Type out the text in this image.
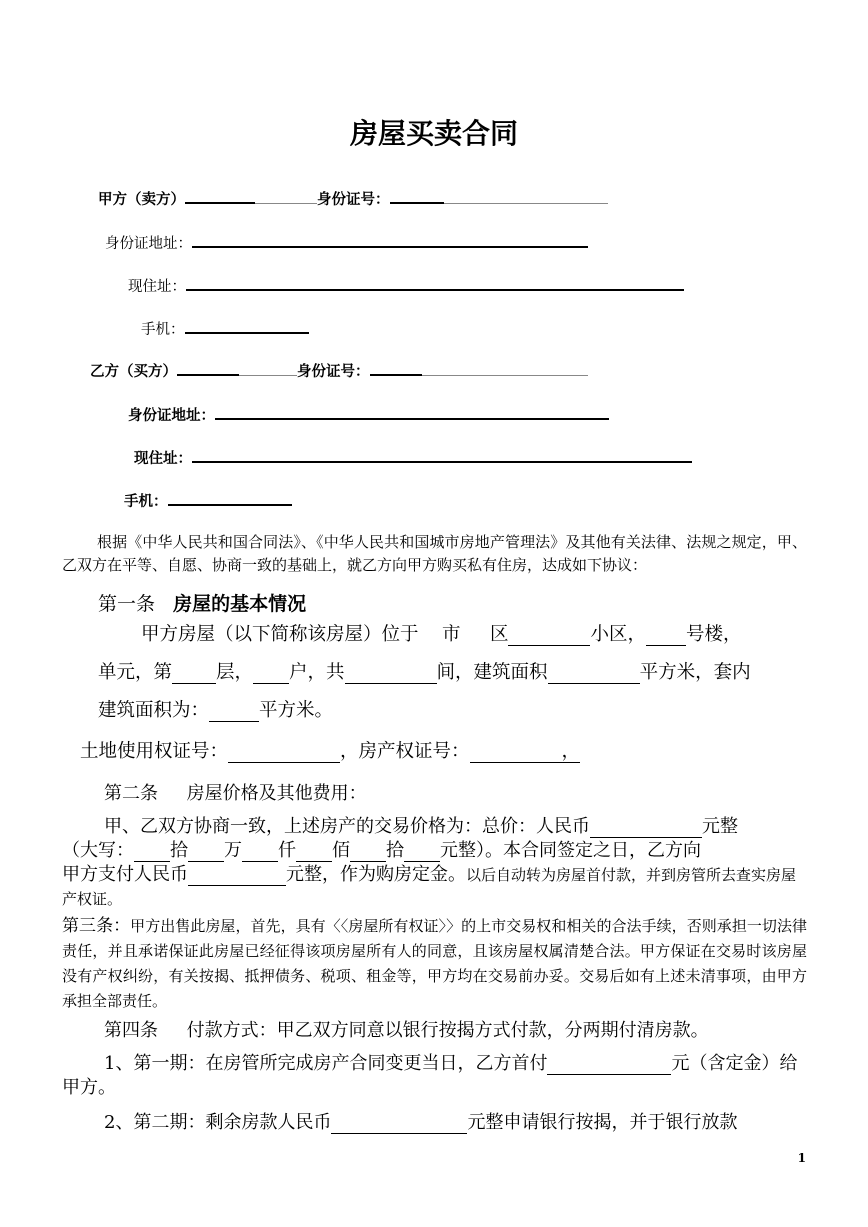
房屋买卖合同
甲方（卖方）	身份证号：
身份证地址：
现住址：
手机：
乙方（买方）	身份证号：
身份证地址：
现住址：
手机：
根据《中华人民共和国合同法》、《中华人民共和国城市房地产管理法》及其他有关法律、法规之规定，甲、乙双方在平等、自愿、协商一致的基础上，就乙方向甲方购买私有住房，达成如下协议：
第一条 房屋的基本情况
甲方房屋（以下简称该房屋）位于 市 区	小区， 号楼，
单元，第 层， 户，共	间，建筑面积	平方米，套内
建筑面积为：	平方米。
土地使用权证号：	，房产权证号：	，
第二条 房屋价格及其他费用：
甲、乙双方协商一致，上述房产的交易价格为：总价：人民币	元整
（大写： 拾 万 仟 佰 拾 元整）。本合同签定之日，乙方向
甲方支付人民币	元整，作为购房定金。以后自动转为房屋首付款，并到房管所去查实房屋产权证。
第三条：甲方出售此房屋，首先，具有〈〈房屋所有权证〉〉的上市交易权和相关的合法手续，否则承担一切法律责任，并且承诺保证此房屋已经征得该项房屋所有人的同意，且该房屋权属清楚合法。甲方保证在交易时该房屋没有产权纠纷，有关按揭、抵押债务、税项、租金等，甲方均在交易前办妥。交易后如有上述未清事项，由甲方承担全部责任。
第四条 付款方式：甲乙双方同意以银行按揭方式付款，分两期付清房款。
1、第一期：在房管所完成房产合同变更当日，乙方首付	元（含定金）给甲方。
2、第二期：剩余房款人民币	元整申请银行按揭，并于银行放款
1
